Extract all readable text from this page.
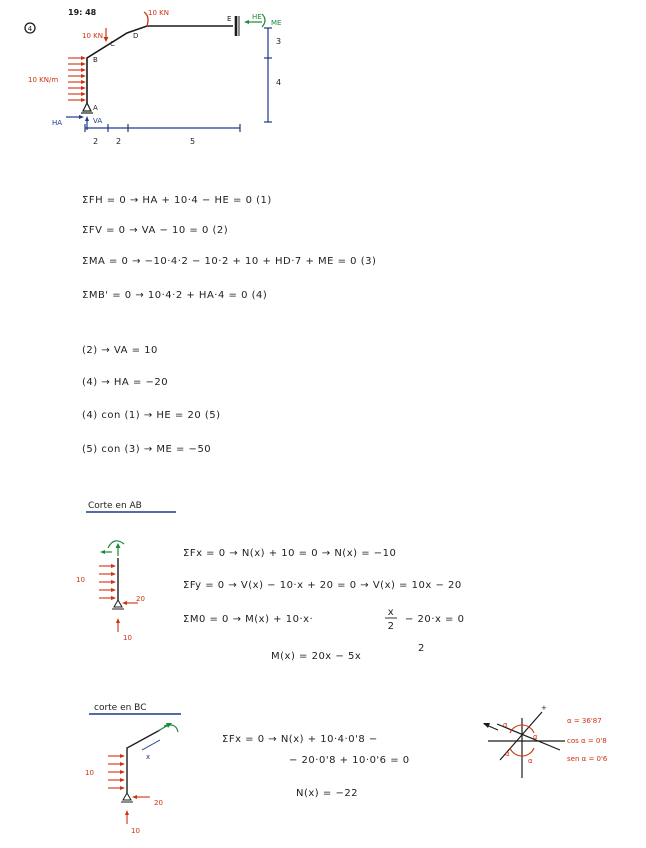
4
19: 48
B
C
D
E
A
10 KN
10 KN
10 KN/m
HA	VA
HE
ME
3
4
2 2	5
ΣFH = 0 → HA + 10·4 − HE = 0 (1)
ΣFV = 0 → VA − 10 = 0 (2)
ΣMA = 0 → −10·4·2 − 10·2 + 10 + HD·7 + ME = 0 (3)
ΣMB' = 0 → 10·4·2 + HA·4 = 0 (4)
(2) → VA = 10
(4) → HA = −20
(4) con (1) → HE = 20 (5)
(5) con (3) → ME = −50
Corte en AB
10
20
10
ΣFx = 0 → N(x) + 10 = 0 → N(x) = −10
ΣFy = 0 → V(x) − 10·x + 20 = 0 → V(x) = 10x − 20
ΣM0 = 0 → M(x) + 10·x·
x
2
− 20·x = 0
M(x) = 20x − 5x
2
corte en BC
x
10
20
10
ΣFx = 0 → N(x) + 10·4·0'8 −
− 20·0'8 + 10·0'6 = 0
N(x) = −22
α
α
α
α
+
α = 36'87
cos α = 0'8
sen α = 0'6
